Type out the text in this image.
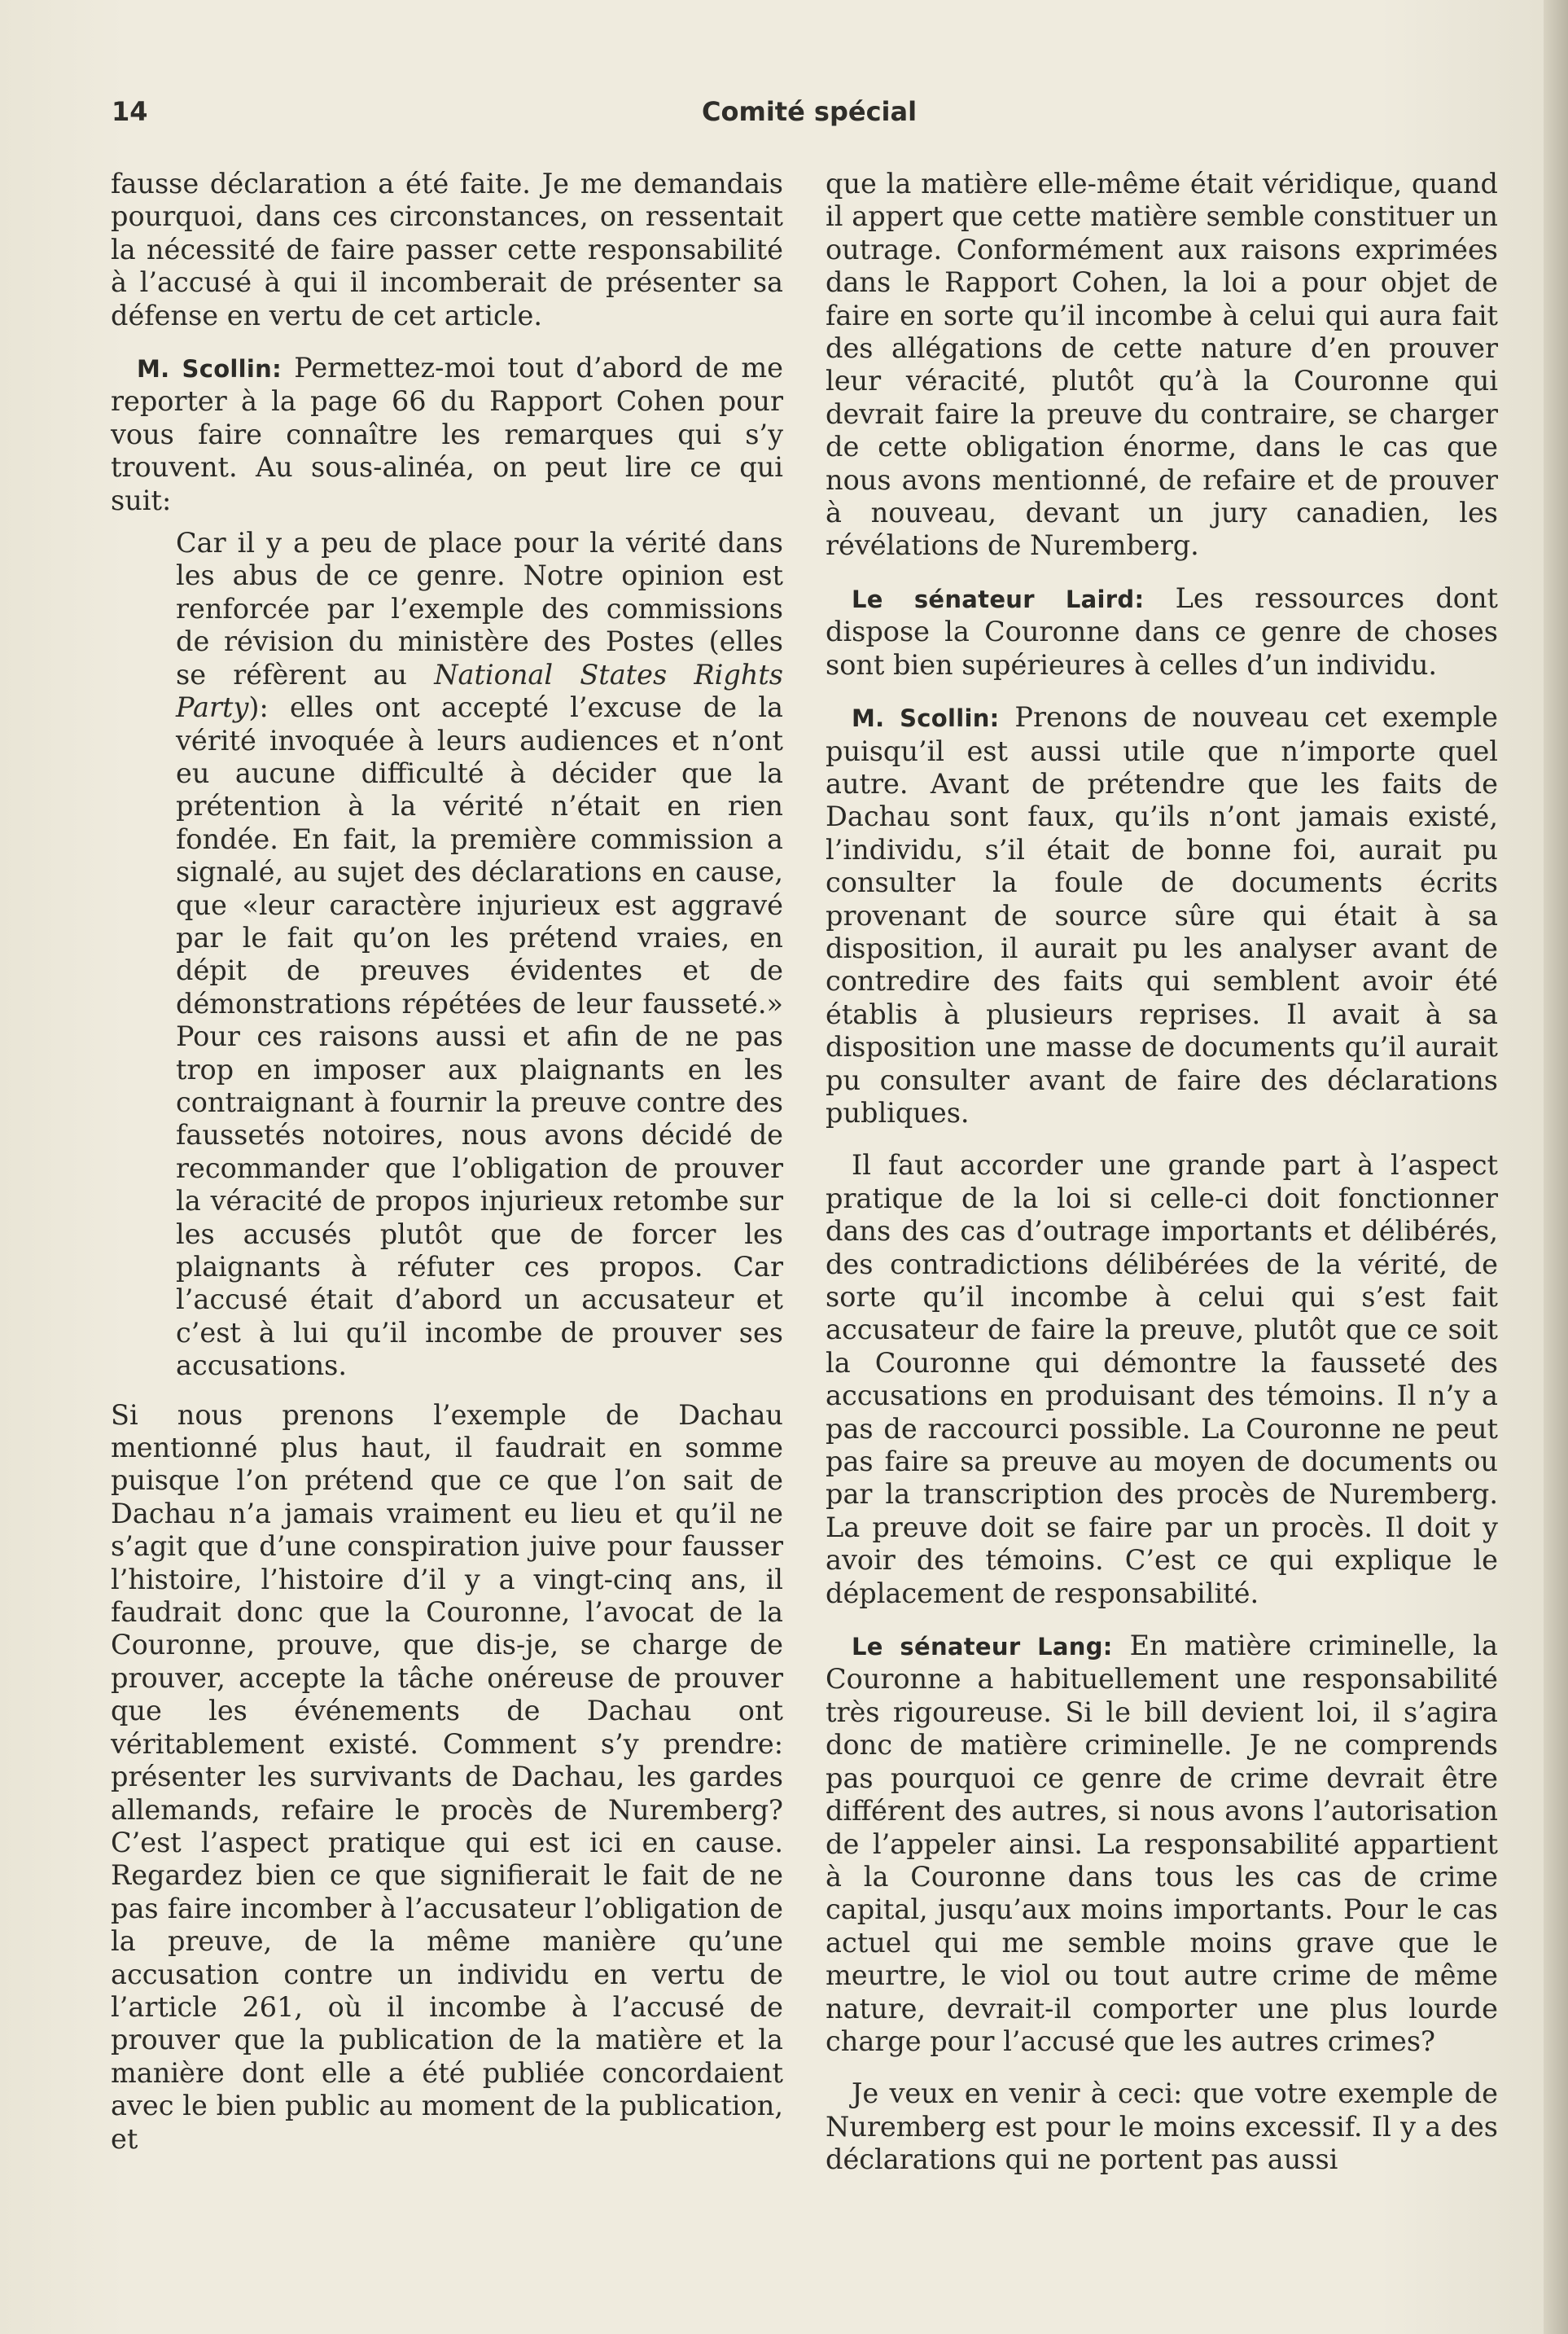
14	Comité spécial

fausse déclaration a été faite. Je me demandais pourquoi, dans ces circonstances, on ressentait la nécessité de faire passer cette responsabilité à l’accusé à qui il incomberait de présenter sa défense en vertu de cet article.

M. Scollin: Permettez-moi tout d’abord de me reporter à la page 66 du Rapport Cohen pour vous faire connaître les remarques qui s’y trouvent. Au sous-alinéa, on peut lire ce qui suit:

Car il y a peu de place pour la vérité dans les abus de ce genre. Notre opinion est renforcée par l’exemple des commissions de révision du ministère des Postes (elles se réfèrent au National States Rights Party): elles ont accepté l’excuse de la vérité invoquée à leurs audiences et n’ont eu aucune difficulté à décider que la prétention à la vérité n’était en rien fondée. En fait, la première commission a signalé, au sujet des déclarations en cause, que «leur caractère injurieux est aggravé par le fait qu’on les prétend vraies, en dépit de preuves évidentes et de démonstrations répétées de leur fausseté.» Pour ces raisons aussi et afin de ne pas trop en imposer aux plaignants en les contraignant à fournir la preuve contre des faussetés notoires, nous avons décidé de recommander que l’obligation de prouver la véracité de propos injurieux retombe sur les accusés plutôt que de forcer les plaignants à réfuter ces propos. Car l’accusé était d’abord un accusateur et c’est à lui qu’il incombe de prouver ses accusations.

Si nous prenons l’exemple de Dachau mentionné plus haut, il faudrait en somme puisque l’on prétend que ce que l’on sait de Dachau n’a jamais vraiment eu lieu et qu’il ne s’agit que d’une conspiration juive pour fausser l’histoire, l’histoire d’il y a vingt-cinq ans, il faudrait donc que la Couronne, l’avocat de la Couronne, prouve, que dis-je, se charge de prouver, accepte la tâche onéreuse de prouver que les événements de Dachau ont véritablement existé. Comment s’y prendre: présenter les survivants de Dachau, les gardes allemands, refaire le procès de Nuremberg? C’est l’aspect pratique qui est ici en cause. Regardez bien ce que signifierait le fait de ne pas faire incomber à l’accusateur l’obligation de la preuve, de la même manière qu’une accusation contre un individu en vertu de l’article 261, où il incombe à l’accusé de prouver que la publication de la matière et la manière dont elle a été publiée concordaient avec le bien public au moment de la publication, et

que la matière elle-même était véridique, quand il appert que cette matière semble constituer un outrage. Conformément aux raisons exprimées dans le Rapport Cohen, la loi a pour objet de faire en sorte qu’il incombe à celui qui aura fait des allégations de cette nature d’en prouver leur véracité, plutôt qu’à la Couronne qui devrait faire la preuve du contraire, se charger de cette obligation énorme, dans le cas que nous avons mentionné, de refaire et de prouver à nouveau, devant un jury canadien, les révélations de Nuremberg.

Le sénateur Laird: Les ressources dont dispose la Couronne dans ce genre de choses sont bien supérieures à celles d’un individu.

M. Scollin: Prenons de nouveau cet exemple puisqu’il est aussi utile que n’importe quel autre. Avant de prétendre que les faits de Dachau sont faux, qu’ils n’ont jamais existé, l’individu, s’il était de bonne foi, aurait pu consulter la foule de documents écrits provenant de source sûre qui était à sa disposition, il aurait pu les analyser avant de contredire des faits qui semblent avoir été établis à plusieurs reprises. Il avait à sa disposition une masse de documents qu’il aurait pu consulter avant de faire des déclarations publiques.

Il faut accorder une grande part à l’aspect pratique de la loi si celle-ci doit fonctionner dans des cas d’outrage importants et délibérés, des contradictions délibérées de la vérité, de sorte qu’il incombe à celui qui s’est fait accusateur de faire la preuve, plutôt que ce soit la Couronne qui démontre la fausseté des accusations en produisant des témoins. Il n’y a pas de raccourci possible. La Couronne ne peut pas faire sa preuve au moyen de documents ou par la transcription des procès de Nuremberg. La preuve doit se faire par un procès. Il doit y avoir des témoins. C’est ce qui explique le déplacement de responsabilité.

Le sénateur Lang: En matière criminelle, la Couronne a habituellement une responsabilité très rigoureuse. Si le bill devient loi, il s’agira donc de matière criminelle. Je ne comprends pas pourquoi ce genre de crime devrait être différent des autres, si nous avons l’autorisation de l’appeler ainsi. La responsabilité appartient à la Couronne dans tous les cas de crime capital, jusqu’aux moins importants. Pour le cas actuel qui me semble moins grave que le meurtre, le viol ou tout autre crime de même nature, devrait-il comporter une plus lourde charge pour l’accusé que les autres crimes?

Je veux en venir à ceci: que votre exemple de Nuremberg est pour le moins excessif. Il y a des déclarations qui ne portent pas aussi
